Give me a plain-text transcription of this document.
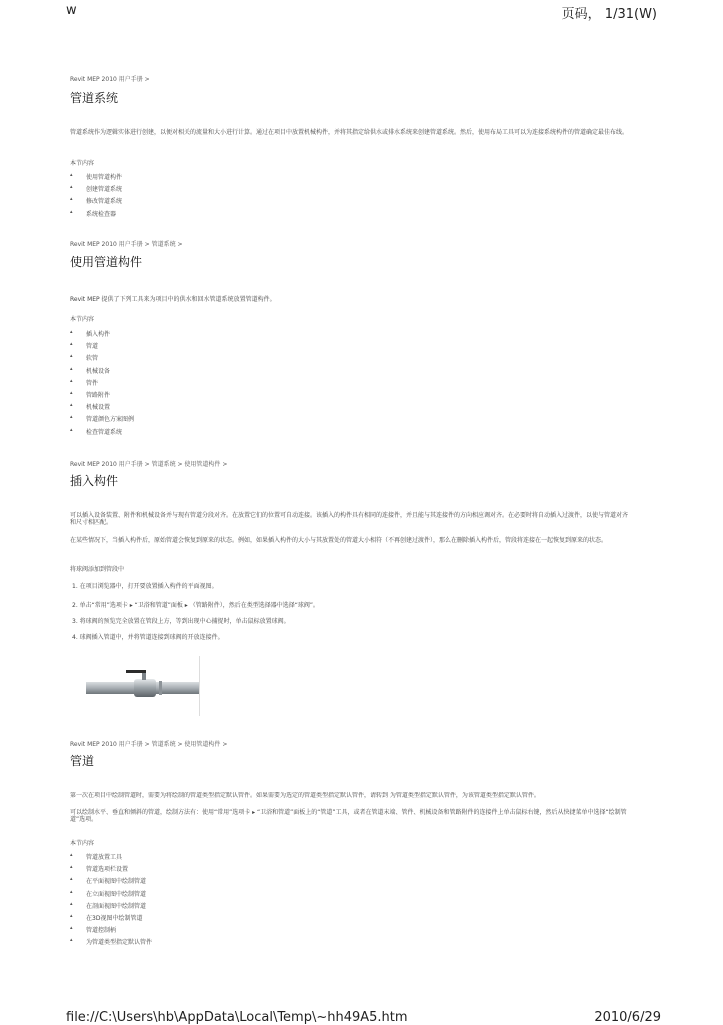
w	页码， 1/31(W)
Revit MEP 2010 用户手册 >
管道系统
管道系统作为逻辑实体进行创建，以便对相关的流量和大小进行计算。通过在项目中放置机械构件，并将其指定给供水或排水系统来创建管道系统。然后，使用布局工具可以为连接系统构件的管道确定最佳布线。
本节内容
▴ 使用管道构件
▴ 创建管道系统
▴ 修改管道系统
▴ 系统检查器
Revit MEP 2010 用户手册 > 管道系统 >
使用管道构件
Revit MEP 提供了下列工具来为项目中的供水和回水管道系统放置管道构件。
本节内容
▴ 插入构件
▴ 管道
▴ 软管
▴ 机械设备
▴ 管件
▴ 管路附件
▴ 机械设置
▴ 管道颜色方案图例
▴ 检查管道系统
Revit MEP 2010 用户手册 > 管道系统 > 使用管道构件 >
插入构件
可以插入设备装置、附件和机械设备并与现有管道分段对齐。在放置它们的位置可自动连接。该插入的构件具有相同的连接件，并且能与其连接件的方向相应调对齐。在必要时将自动插入过渡件，以使与管道对齐和尺寸相匹配。
在某些情况下，当插入构件后，原始管道会恢复到原来的状态。例如，如果插入构件的大小与其放置处的管道大小相符（不再创建过渡件），那么在删除插入构件后，管段将连接在一起恢复到原来的状态。
将球阀添加到管段中
1. 在项目浏览器中，打开要放置插入构件的平面视图。
2. 单击“常用”选项卡 ▸ “卫浴和管道”面板 ▸ （管路附件），然后在类型选择器中选择“球阀”。
3. 将球阀的预览完全放置在管段上方，等到出现中心捕捉时，单击鼠标放置球阀。
4. 球阀插入管道中，并将管道连接到球阀的开放连接件。
Revit MEP 2010 用户手册 > 管道系统 > 使用管道构件 >
管道
第一次在项目中绘制管道时，需要为将绘制的管道类型指定默认管件。如果需要为选定的管道类型指定默认管件，请转到 为管道类型指定默认管件，为该管道类型指定默认管件。
可以绘制水平、垂直和倾斜的管道，绘制方法有：使用“常用”选项卡 ▸ “卫浴和管道”面板上的“管道”工具，或者在管道末端、管件、机械设备和管路附件的连接件上单击鼠标右键，然后从快捷菜单中选择“绘制管道”选项。
本节内容
▴ 管道放置工具
▴ 管道选项栏设置
▴ 在平面视图中绘制管道
▴ 在立面视图中绘制管道
▴ 在剖面视图中绘制管道
▴ 在3D视图中绘制管道
▴ 管道控制柄
▴ 为管道类型指定默认管件
file://C:\Users\hb\AppData\Local\Temp\~hh49A5.htm	2010/6/29
